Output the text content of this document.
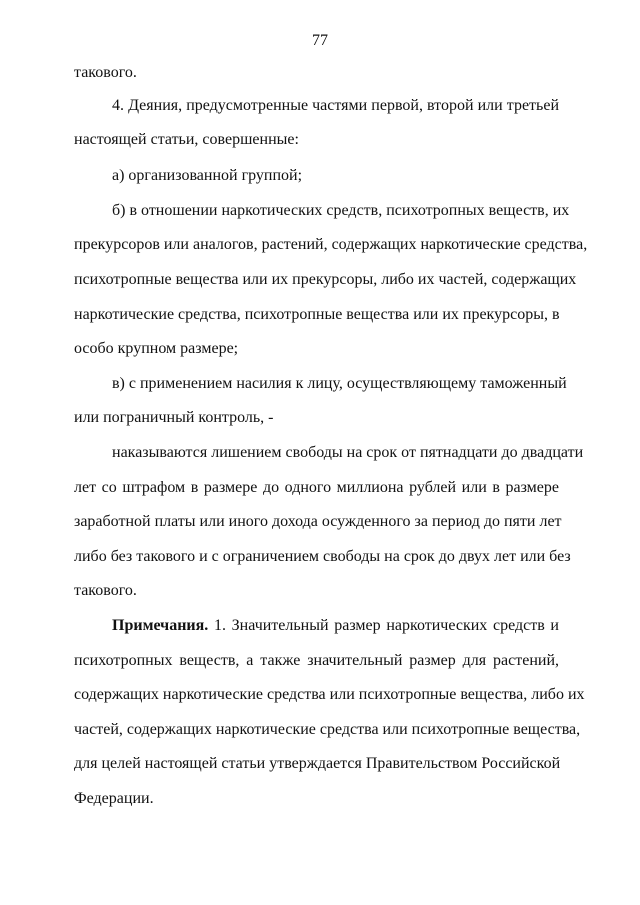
77
такового.
4. Деяния, предусмотренные частями первой, второй или третьей
настоящей статьи, совершенные:
а) организованной группой;
б) в отношении наркотических средств, психотропных веществ, их
прекурсоров или аналогов, растений, содержащих наркотические средства,
психотропные вещества или их прекурсоры, либо их частей, содержащих
наркотические средства, психотропные вещества или их прекурсоры, в
особо крупном размере;
в) с применением насилия к лицу, осуществляющему таможенный
или пограничный контроль, -
наказываются лишением свободы на срок от пятнадцати до двадцати
лет со штрафом в размере до одного миллиона рублей или в размере
заработной платы или иного дохода осужденного за период до пяти лет
либо без такового и с ограничением свободы на срок до двух лет или без
такового.
Примечания. 1. Значительный размер наркотических средств и
психотропных веществ, а также значительный размер для растений,
содержащих наркотические средства или психотропные вещества, либо их
частей, содержащих наркотические средства или психотропные вещества,
для целей настоящей статьи утверждается Правительством Российской
Федерации.
